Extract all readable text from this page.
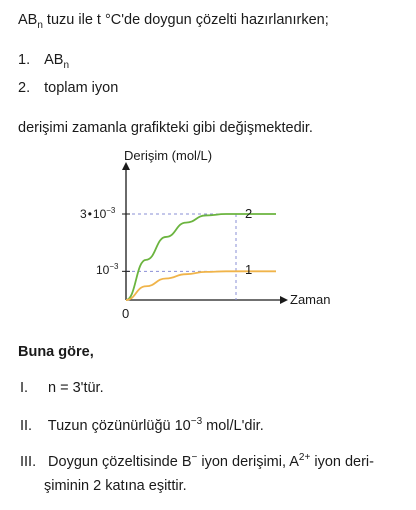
$AB_n$ tuzu ile t °C'de doygun çözelti hazırlanırken;
1. $AB_n$
2. toplam iyon
derişimi zamanla grafikteki gibi değişmektedir.
Derişim (mol/L)
Zaman
0
$3•10^{-3}$
$10^{-3}$
2
1
Buna göre,
I. n = 3'tür.
II. Tuzun çözünürlüğü $10^{-3}$ mol/L'dir.
III. Doygun çözeltisinde B− iyon derişimi, $A^{2+}$ iyon deri-
şiminin 2 katına eşittir.
